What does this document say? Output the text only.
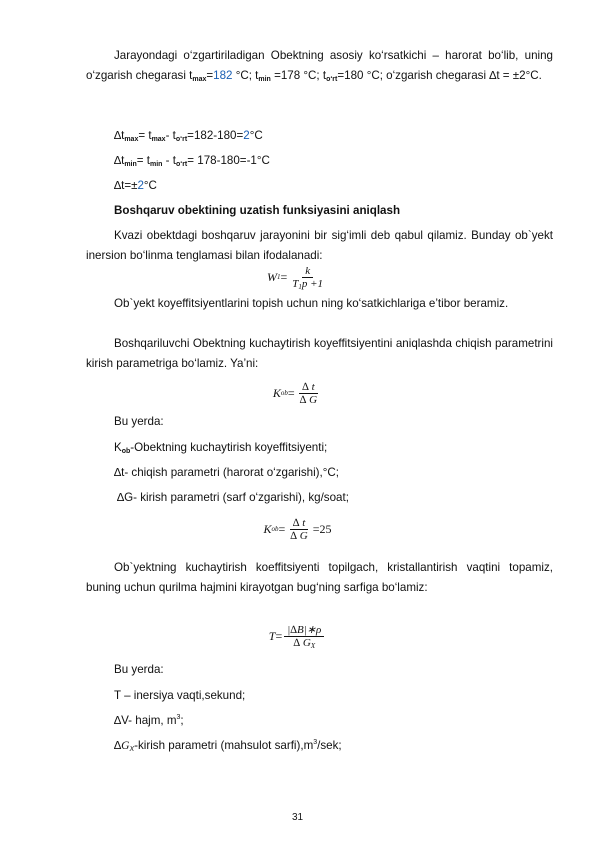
Jarayondagi o‘zgartiriladigan Obektning asosiy ko‘rsatkichi – harorat bo‘lib, uning o‘zgarish chegarasi $t_{max}=182$ °C; $t_{min} =178$ °C; $t_{o‘rt}=180$ °C; o‘zgarish chegarasi ∆t = ±2°C.

$\Delta t_{max}= t_{max}-$ $t_{o‘rt}=182-180=2^\circ C$

$\Delta t_{min}= t_{min} - t_{o‘rt}= 178-180=-1^\circ C$

∆t=±2°C

Boshqaruv obektining uzatish funksiyasini aniqlash

Kvazi obektdagi boshqaruv jarayonini bir sig‘imli deb qabul qilamiz. Bunday ob`yekt inersion bo‘linma tenglamasi bilan ifodalanadi:

W $1 = \frac{k}{T_1p +1}$

Ob`yekt koyeffitsiyentlarini topish uchun ning ko‘satkichlariga e’tibor beramiz.

Boshqariluvchi Obektning kuchaytirish koyeffitsiyentini aniqlashda chiqish parametrini kirish parametriga bo‘lamiz. Ya’ni:

K ob = $\frac{\Delta t}{\Delta G}$

Bu yerda:

$K_{ob}$-Obektning kuchaytirish koyeffitsiyenti;

∆t- chiqish parametri (harorat o‘zgarishi),°C;

∆G- kirish parametri (sarf o‘zgarishi), kg/soat;

K ob = $\frac{\Delta t}{\Delta G} =25$

Ob`yektning kuchaytirish koeffitsiyenti topilgach, kristallantirish vaqtini topamiz, buning uchun qurilma hajmini kirayotgan bug‘ning sarfiga bo‘lamiz:

$T = \frac{|\Delta B|∗\rho}{\Delta G_X}$

Bu yerda:

T – inersiya vaqti,sekund;

∆V- hajm, $m^3$;

$\Delta G_X$-kirish parametri (mahsulot $sarfi),m^3$/sek;

31
